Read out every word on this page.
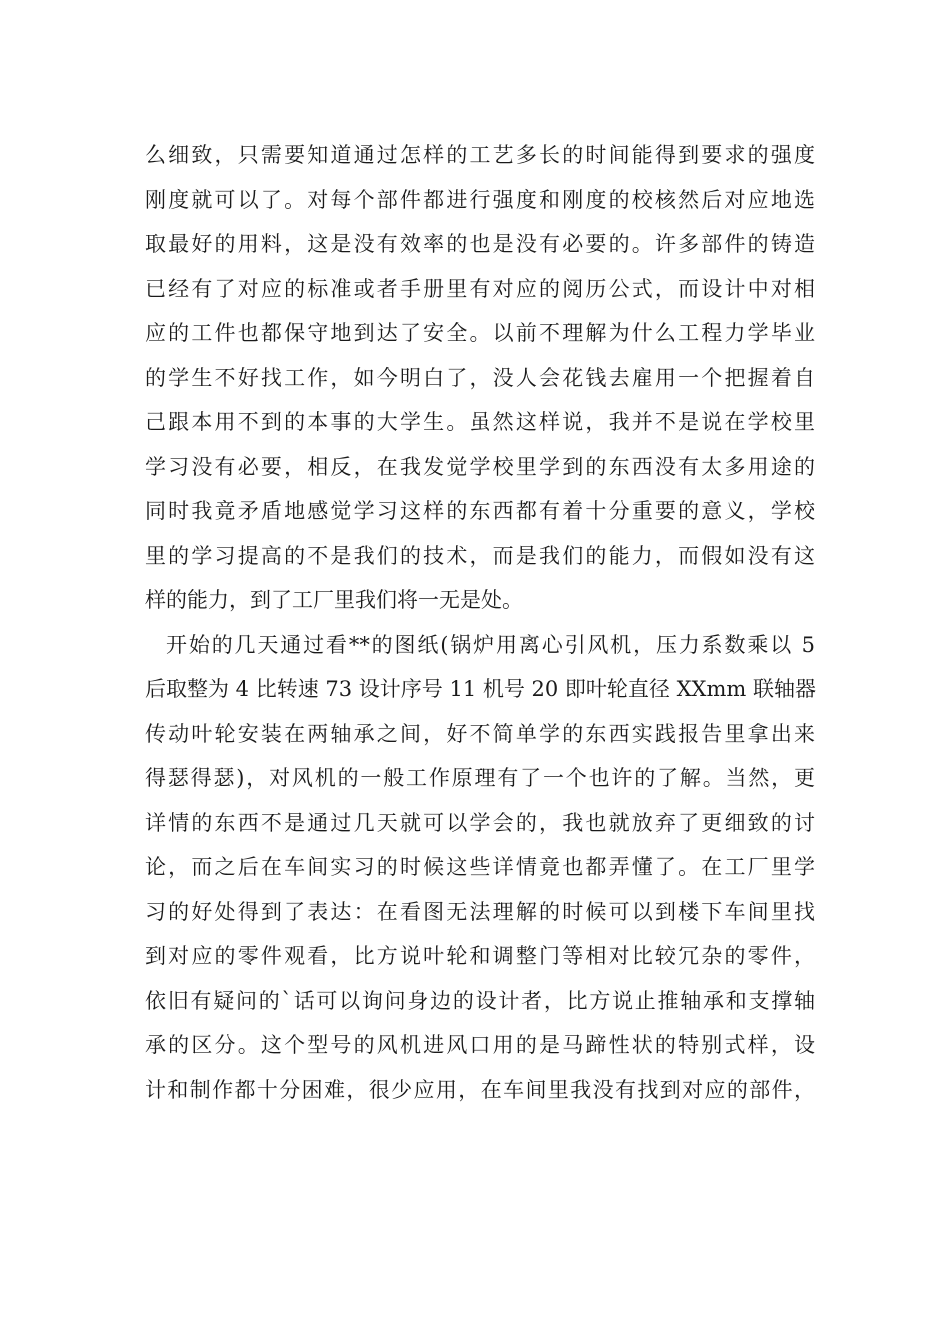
么细致，只需要知道通过怎样的工艺多长的时间能得到要求的强度
刚度就可以了。对每个部件都进行强度和刚度的校核然后对应地选
取最好的用料，这是没有效率的也是没有必要的。许多部件的铸造
已经有了对应的标准或者手册里有对应的阅历公式，而设计中对相
应的工件也都保守地到达了安全。以前不理解为什么工程力学毕业
的学生不好找工作，如今明白了，没人会花钱去雇用一个把握着自
己跟本用不到的本事的大学生。虽然这样说，我并不是说在学校里
学习没有必要，相反，在我发觉学校里学到的东西没有太多用途的
同时我竟矛盾地感觉学习这样的东西都有着十分重要的意义，学校
里的学习提高的不是我们的技术，而是我们的能力，而假如没有这
样的能力，到了工厂里我们将一无是处。
开始的几天通过看**的图纸(锅炉用离心引风机，压力系数乘以 5
后取整为 4 比转速 73 设计序号 11 机号 20 即叶轮直径 XXmm 联轴器
传动叶轮安装在两轴承之间，好不简单学的东西实践报告里拿出来
得瑟得瑟)，对风机的一般工作原理有了一个也许的了解。当然，更
详情的东西不是通过几天就可以学会的，我也就放弃了更细致的讨
论，而之后在车间实习的时候这些详情竟也都弄懂了。在工厂里学
习的好处得到了表达：在看图无法理解的时候可以到楼下车间里找
到对应的零件观看，比方说叶轮和调整门等相对比较冗杂的零件，
依旧有疑问的`话可以询问身边的设计者，比方说止推轴承和支撑轴
承的区分。这个型号的风机进风口用的是马蹄性状的特别式样，设
计和制作都十分困难，很少应用，在车间里我没有找到对应的部件，
